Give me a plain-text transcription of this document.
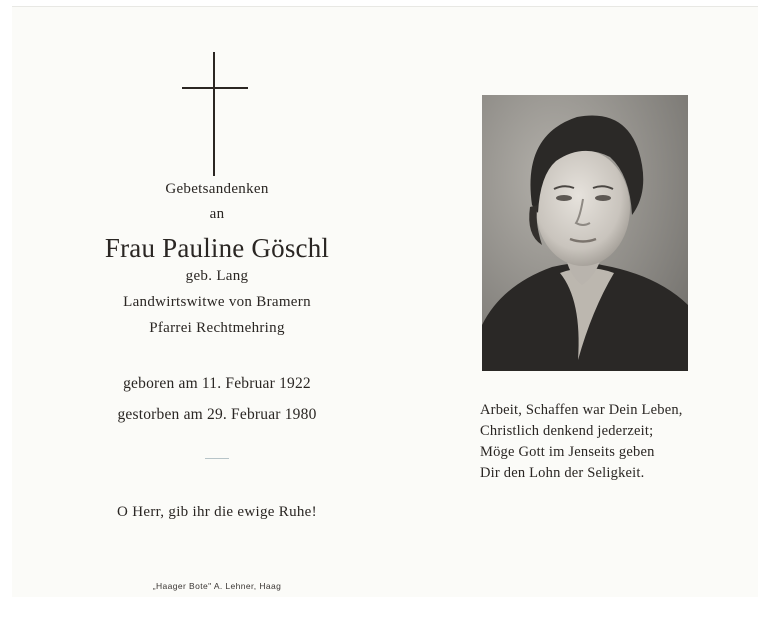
Gebetsandenken
an
Frau Pauline Göschl
geb. Lang
Landwirtswitwe von Bramern
Pfarrei Rechtmehring
geboren am 11. Februar 1922
gestorben am 29. Februar 1980
O Herr, gib ihr die ewige Ruhe!
„Haager Bote" A. Lehner, Haag
Arbeit, Schaffen war Dein Leben,
Christlich denkend jederzeit;
Möge Gott im Jenseits geben
Dir den Lohn der Seligkeit.
